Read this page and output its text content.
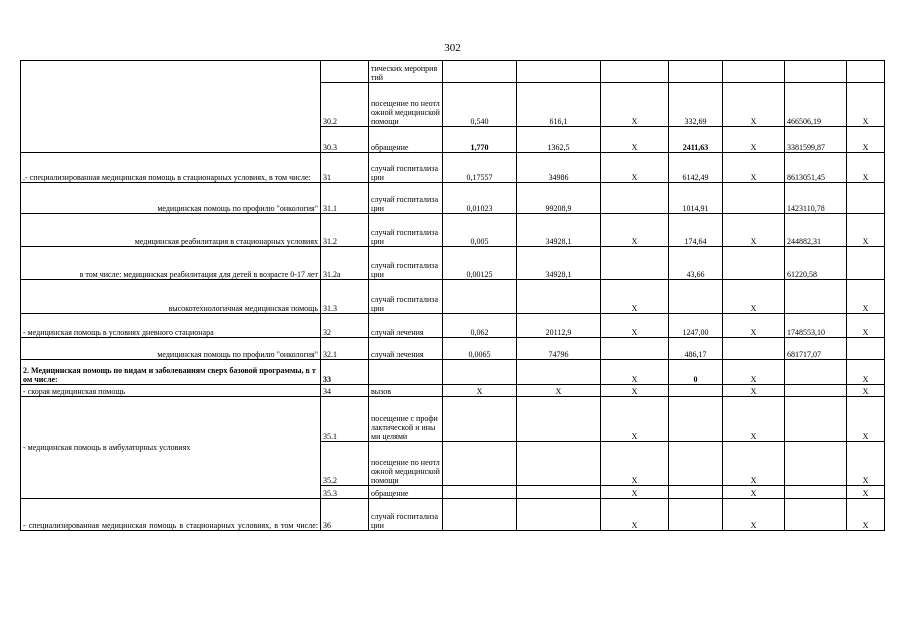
302
		тических мероприятий							
	30.2	посещение по неотложной медицинской помощи	0,540	616,1	X	332,69	X	466506,19	X
	30.3	обращение	1,770	1362,5	X	2411,63	X	3381599,87	X
.- специализированная медицинская помощь в стационарных условиях, в том числе:	31	случай госпитализации	0,17557	34986	X	6142,49	X	8613051,45	X
медицинская помощь по профилю "онкология"	31.1	случай госпитализации	0,01023	99208,9		1014,91		1423110,78	
медицинская реабилитация в стационарных условиях	31.2	случай госпитализации	0,005	34928,1	X	174,64	X	244882,31	X
в том числе: медицинская реабилитация для детей в возрасте 0-17 лет	31.2а	случай госпитализации	0,00125	34928,1		43,66		61220,58	
высокотехнологичная медицинская помощь	31.3	случай госпитализации			X		X		X
- медицинская помощь в условиях дневного стационара	32	случай лечения	0,062	20112,9	X	1247,00	X	1748553,10	X
медицинская помощь по профилю "онкология"	32.1	случай лечения	0,0065	74796		486,17		681717,07	
2. Медицинская помощь по видам и заболеваниям сверх базовой программы, в том числе:	33				X	0	X		X
- скорая медицинская помощь	34	вызов	X	X	X		X		X
- медицинская помощь в амбулаторных условиях	35.1	посещение с профилактической и иными целями			X		X		X
	35.2	посещение по неотложной медицинской помощи			X		X		X
	35.3	обращение			X		X		X
- специализированная медицинская помощь в стационарных условиях, в том числе:	36	случай госпитализации			X		X		X
